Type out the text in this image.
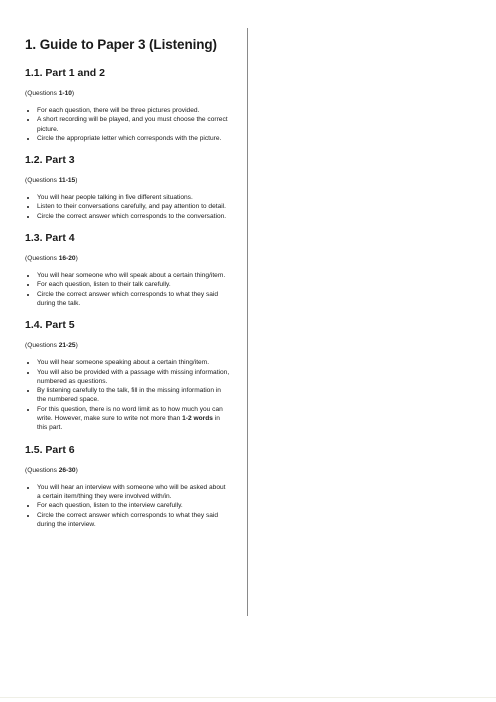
1. Guide to Paper 3 (Listening)
1.1. Part 1 and 2

(Questions 1-10)

• For each question, there will be three pictures provided.
• A short recording will be played, and you must choose the correct picture.
• Circle the appropriate letter which corresponds with the picture.
1.2. Part 3

(Questions 11-15)

• You will hear people talking in five different situations.
• Listen to their conversations carefully, and pay attention to detail.
• Circle the correct answer which corresponds to the conversation.
1.3. Part 4

(Questions 16-20)

• You will hear someone who will speak about a certain thing/item.
• For each question, listen to their talk carefully.
• Circle the correct answer which corresponds to what they said during the talk.
1.4. Part 5

(Questions 21-25)

• You will hear someone speaking about a certain thing/item.
• You will also be provided with a passage with missing information, numbered as questions.
• By listening carefully to the talk, fill in the missing information in the numbered space.
• For this question, there is no word limit as to how much you can write. However, make sure to write not more than 1-2 words in this part.
1.5. Part 6

(Questions 26-30)

• You will hear an interview with someone who will be asked about a certain item/thing they were involved with/in.
• For each question, listen to the interview carefully.
• Circle the correct answer which corresponds to what they said during the interview.
